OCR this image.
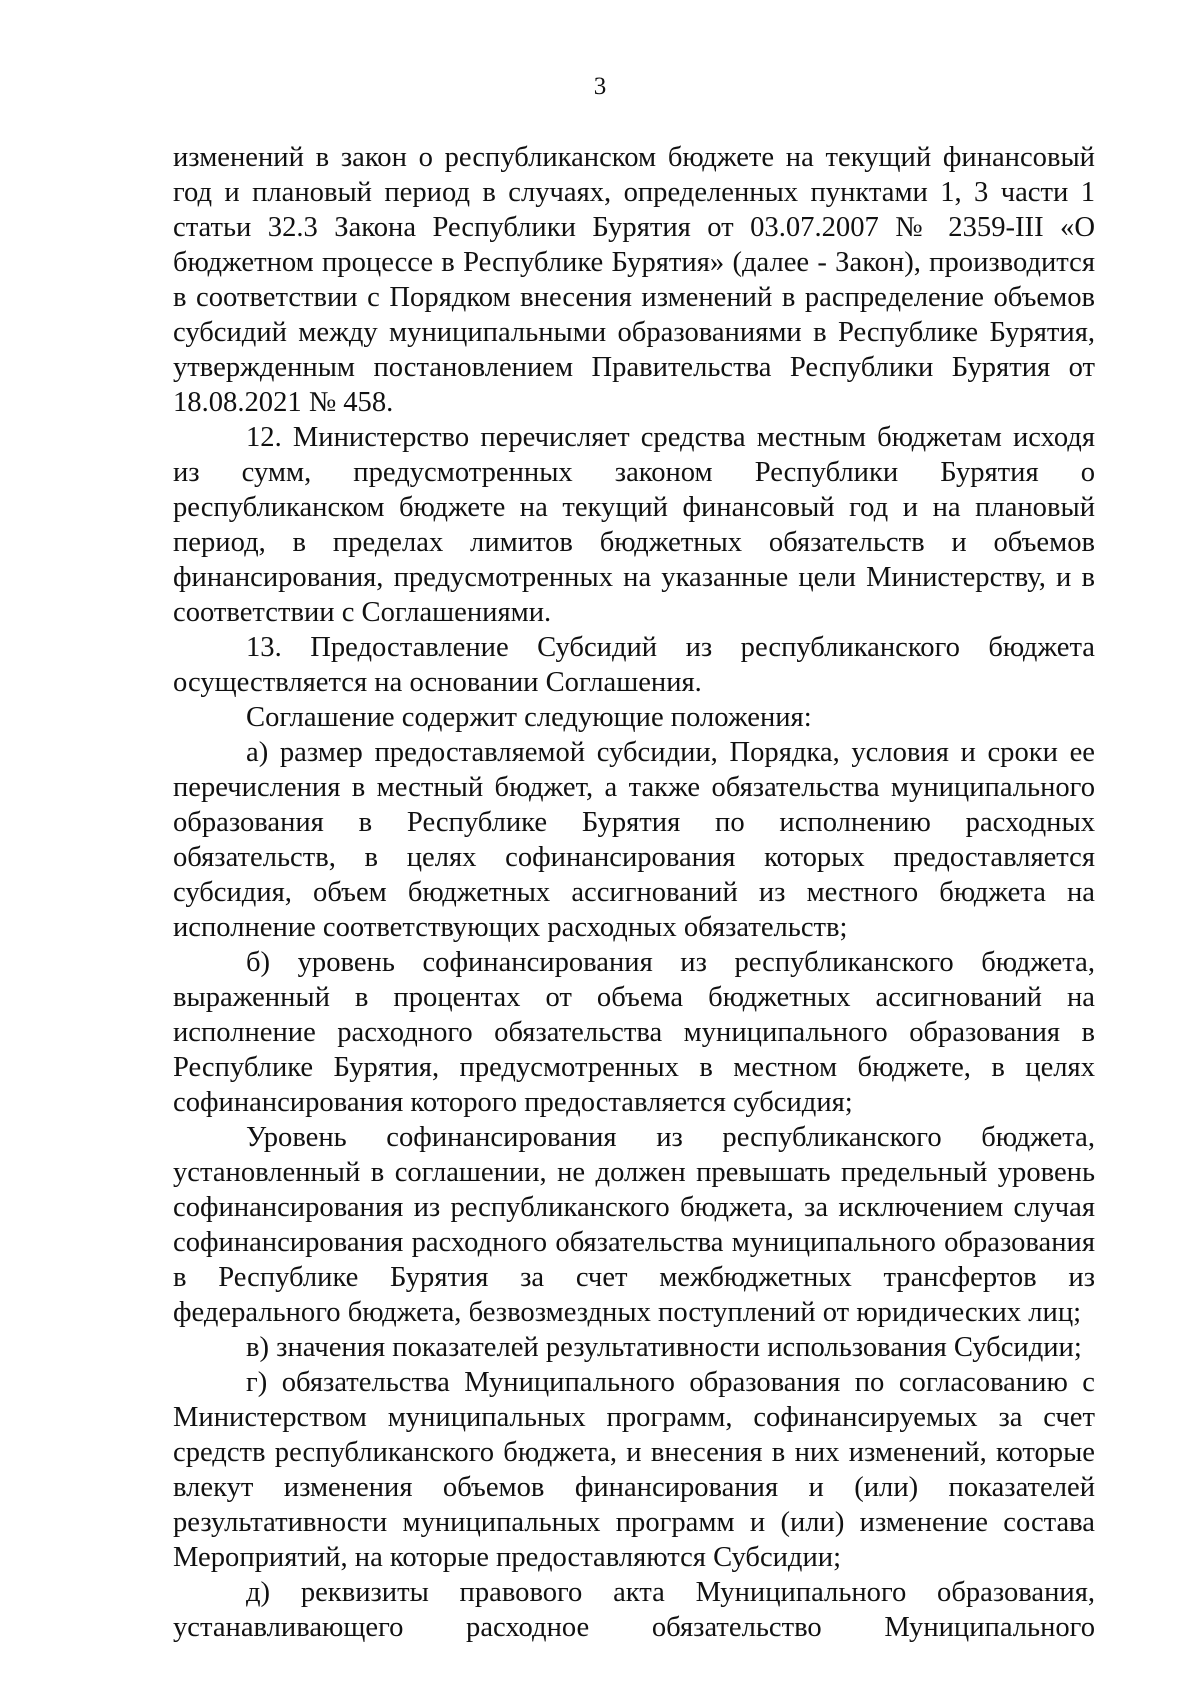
3
изменений в закон о республиканском бюджете на текущий финансовый
год и плановый период в случаях, определенных пунктами 1, 3 части 1
статьи 32.3 Закона Республики Бурятия от 03.07.2007 № 2359-III «О
бюджетном процессе в Республике Бурятия» (далее - Закон), производится
в соответствии с Порядком внесения изменений в распределение объемов
субсидий между муниципальными образованиями в Республике Бурятия,
утвержденным постановлением Правительства Республики Бурятия от
18.08.2021 № 458.
12. Министерство перечисляет средства местным бюджетам исходя
из сумм, предусмотренных законом Республики Бурятия о
республиканском бюджете на текущий финансовый год и на плановый
период, в пределах лимитов бюджетных обязательств и объемов
финансирования, предусмотренных на указанные цели Министерству, и в
соответствии с Соглашениями.
13. Предоставление Субсидий из республиканского бюджета
осуществляется на основании Соглашения.
Соглашение содержит следующие положения:
а) размер предоставляемой субсидии, Порядка, условия и сроки ее
перечисления в местный бюджет, а также обязательства муниципального
образования в Республике Бурятия по исполнению расходных
обязательств, в целях софинансирования которых предоставляется
субсидия, объем бюджетных ассигнований из местного бюджета на
исполнение соответствующих расходных обязательств;
б) уровень софинансирования из республиканского бюджета,
выраженный в процентах от объема бюджетных ассигнований на
исполнение расходного обязательства муниципального образования в
Республике Бурятия, предусмотренных в местном бюджете, в целях
софинансирования которого предоставляется субсидия;
Уровень софинансирования из республиканского бюджета,
установленный в соглашении, не должен превышать предельный уровень
софинансирования из республиканского бюджета, за исключением случая
софинансирования расходного обязательства муниципального образования
в Республике Бурятия за счет межбюджетных трансфертов из
федерального бюджета, безвозмездных поступлений от юридических лиц;
в) значения показателей результативности использования Субсидии;
г) обязательства Муниципального образования по согласованию с
Министерством муниципальных программ, софинансируемых за счет
средств республиканского бюджета, и внесения в них изменений, которые
влекут изменения объемов финансирования и (или) показателей
результативности муниципальных программ и (или) изменение состава
Мероприятий, на которые предоставляются Субсидии;
д) реквизиты правового акта Муниципального образования,
устанавливающего расходное обязательство Муниципального
